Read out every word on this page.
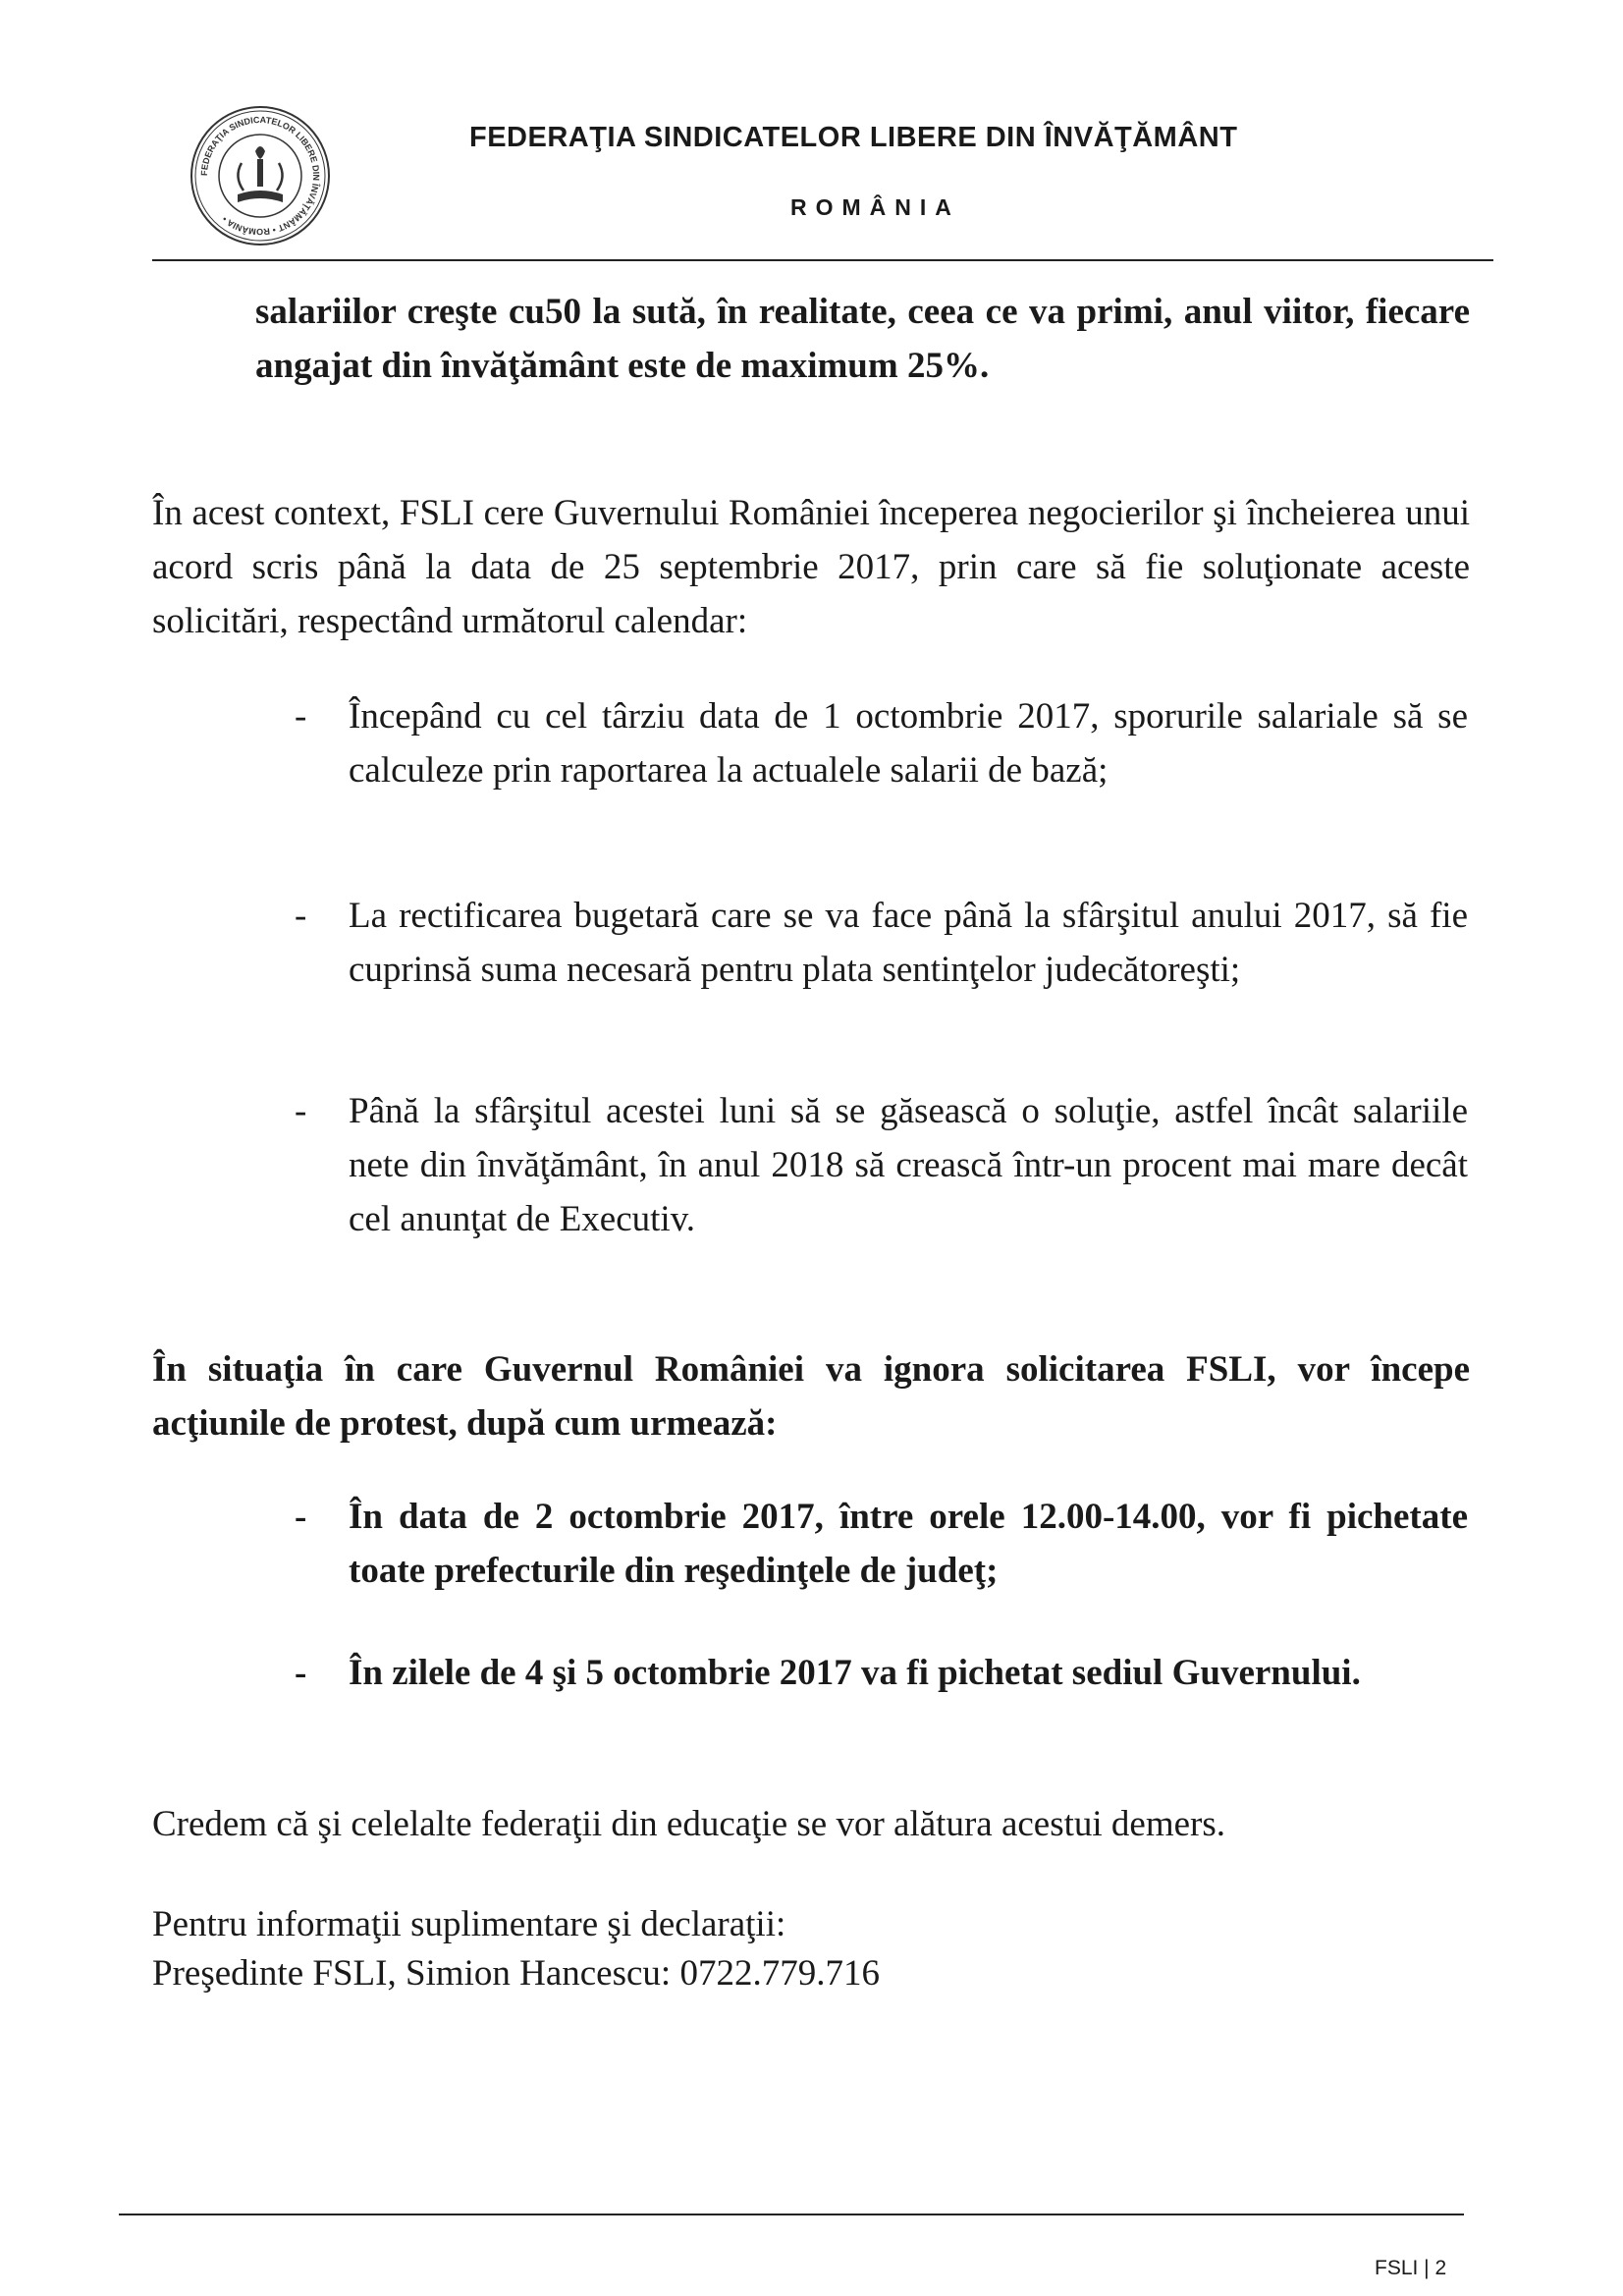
FEDERAŢIA SINDICATELOR LIBERE DIN ÎNVĂŢĂMÂNT • ROMÂNIA •
FEDERAŢIA SINDICATELOR LIBERE DIN ÎNVĂŢĂMÂNT
ROMÂNIA

salariilor creşte cu50 la sută, în realitate, ceea ce va primi, anul viitor, fiecare angajat din învăţământ este de maximum 25%.

În acest context, FSLI cere Guvernului României începerea negocierilor şi încheierea unui acord scris până la data de 25 septembrie 2017, prin care să fie soluţionate aceste solicitări, respectând următorul calendar:

-	Începând cu cel târziu data de 1 octombrie 2017, sporurile salariale să se calculeze prin raportarea la actualele salarii de bază;
-	La rectificarea bugetară care se va face până la sfârşitul anului 2017, să fie cuprinsă suma necesară pentru plata sentinţelor judecătoreşti;
-	Până la sfârşitul acestei luni să se găsească o soluţie, astfel încât salariile nete din învăţământ, în anul 2018 să crească într-un procent mai mare decât cel anunţat de Executiv.

În situaţia în care Guvernul României va ignora solicitarea FSLI, vor începe acţiunile de protest, după cum urmează:

-	În data de 2 octombrie 2017, între orele 12.00-14.00, vor fi pichetate toate prefecturile din reşedinţele de judeţ;
-	În zilele de 4 şi 5 octombrie 2017 va fi pichetat sediul Guvernului.

Credem că şi celelalte federaţii din educaţie se vor alătura acestui demers.

Pentru informaţii suplimentare şi declaraţii:

Preşedinte FSLI, Simion Hancescu: 0722.779.716

FSLI | 2
